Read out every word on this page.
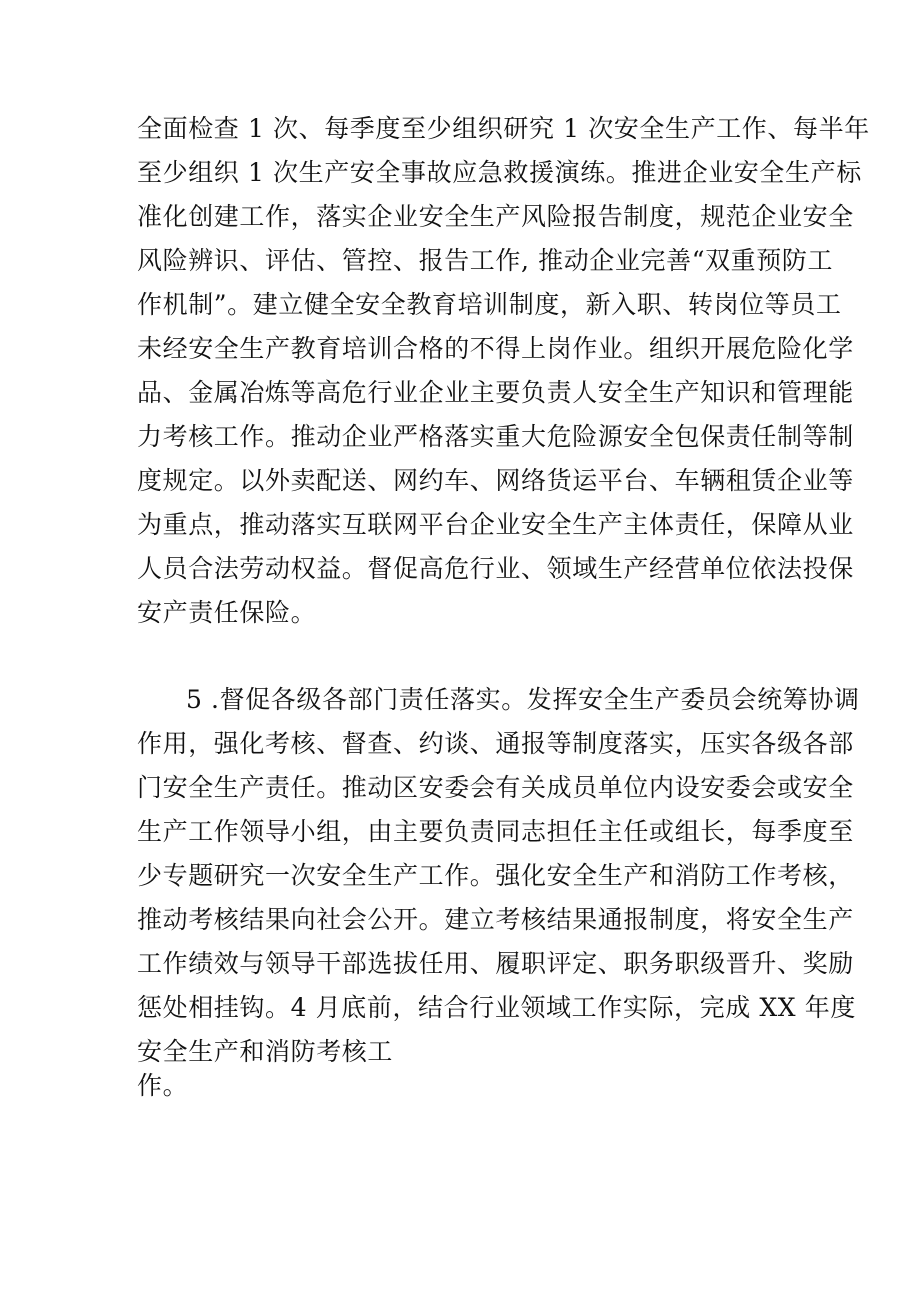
全面检查 1 次、每季度至少组织研究 1 次安全生产工作、每半年
至少组织 1 次生产安全事故应急救援演练。推进企业安全生产标
准化创建工作，落实企业安全生产风险报告制度，规范企业安全
风险辨识、评估、管控、报告工作, 推动企业完善“双重预防工
作机制”。建立健全安全教育培训制度，新入职、转岗位等员工
未经安全生产教育培训合格的不得上岗作业。组织开展危险化学
品、金属冶炼等高危行业企业主要负责人安全生产知识和管理能
力考核工作。推动企业严格落实重大危险源安全包保责任制等制
度规定。以外卖配送、网约车、网络货运平台、车辆租赁企业等
为重点，推动落实互联网平台企业安全生产主体责任，保障从业
人员合法劳动权益。督促高危行业、领域生产经营单位依法投保
安产责任保险。
5 .督促各级各部门责任落实。发挥安全生产委员会统筹协调
作用，强化考核、督查、约谈、通报等制度落实，压实各级各部
门安全生产责任。推动区安委会有关成员单位内设安委会或安全
生产工作领导小组，由主要负责同志担任主任或组长，每季度至
少专题研究一次安全生产工作。强化安全生产和消防工作考核，
推动考核结果向社会公开。建立考核结果通报制度，将安全生产
工作绩效与领导干部选拔任用、履职评定、职务职级晋升、奖励
惩处相挂钩。4 月底前，结合行业领域工作实际，完成 XX 年度
安全生产和消防考核工
作。
